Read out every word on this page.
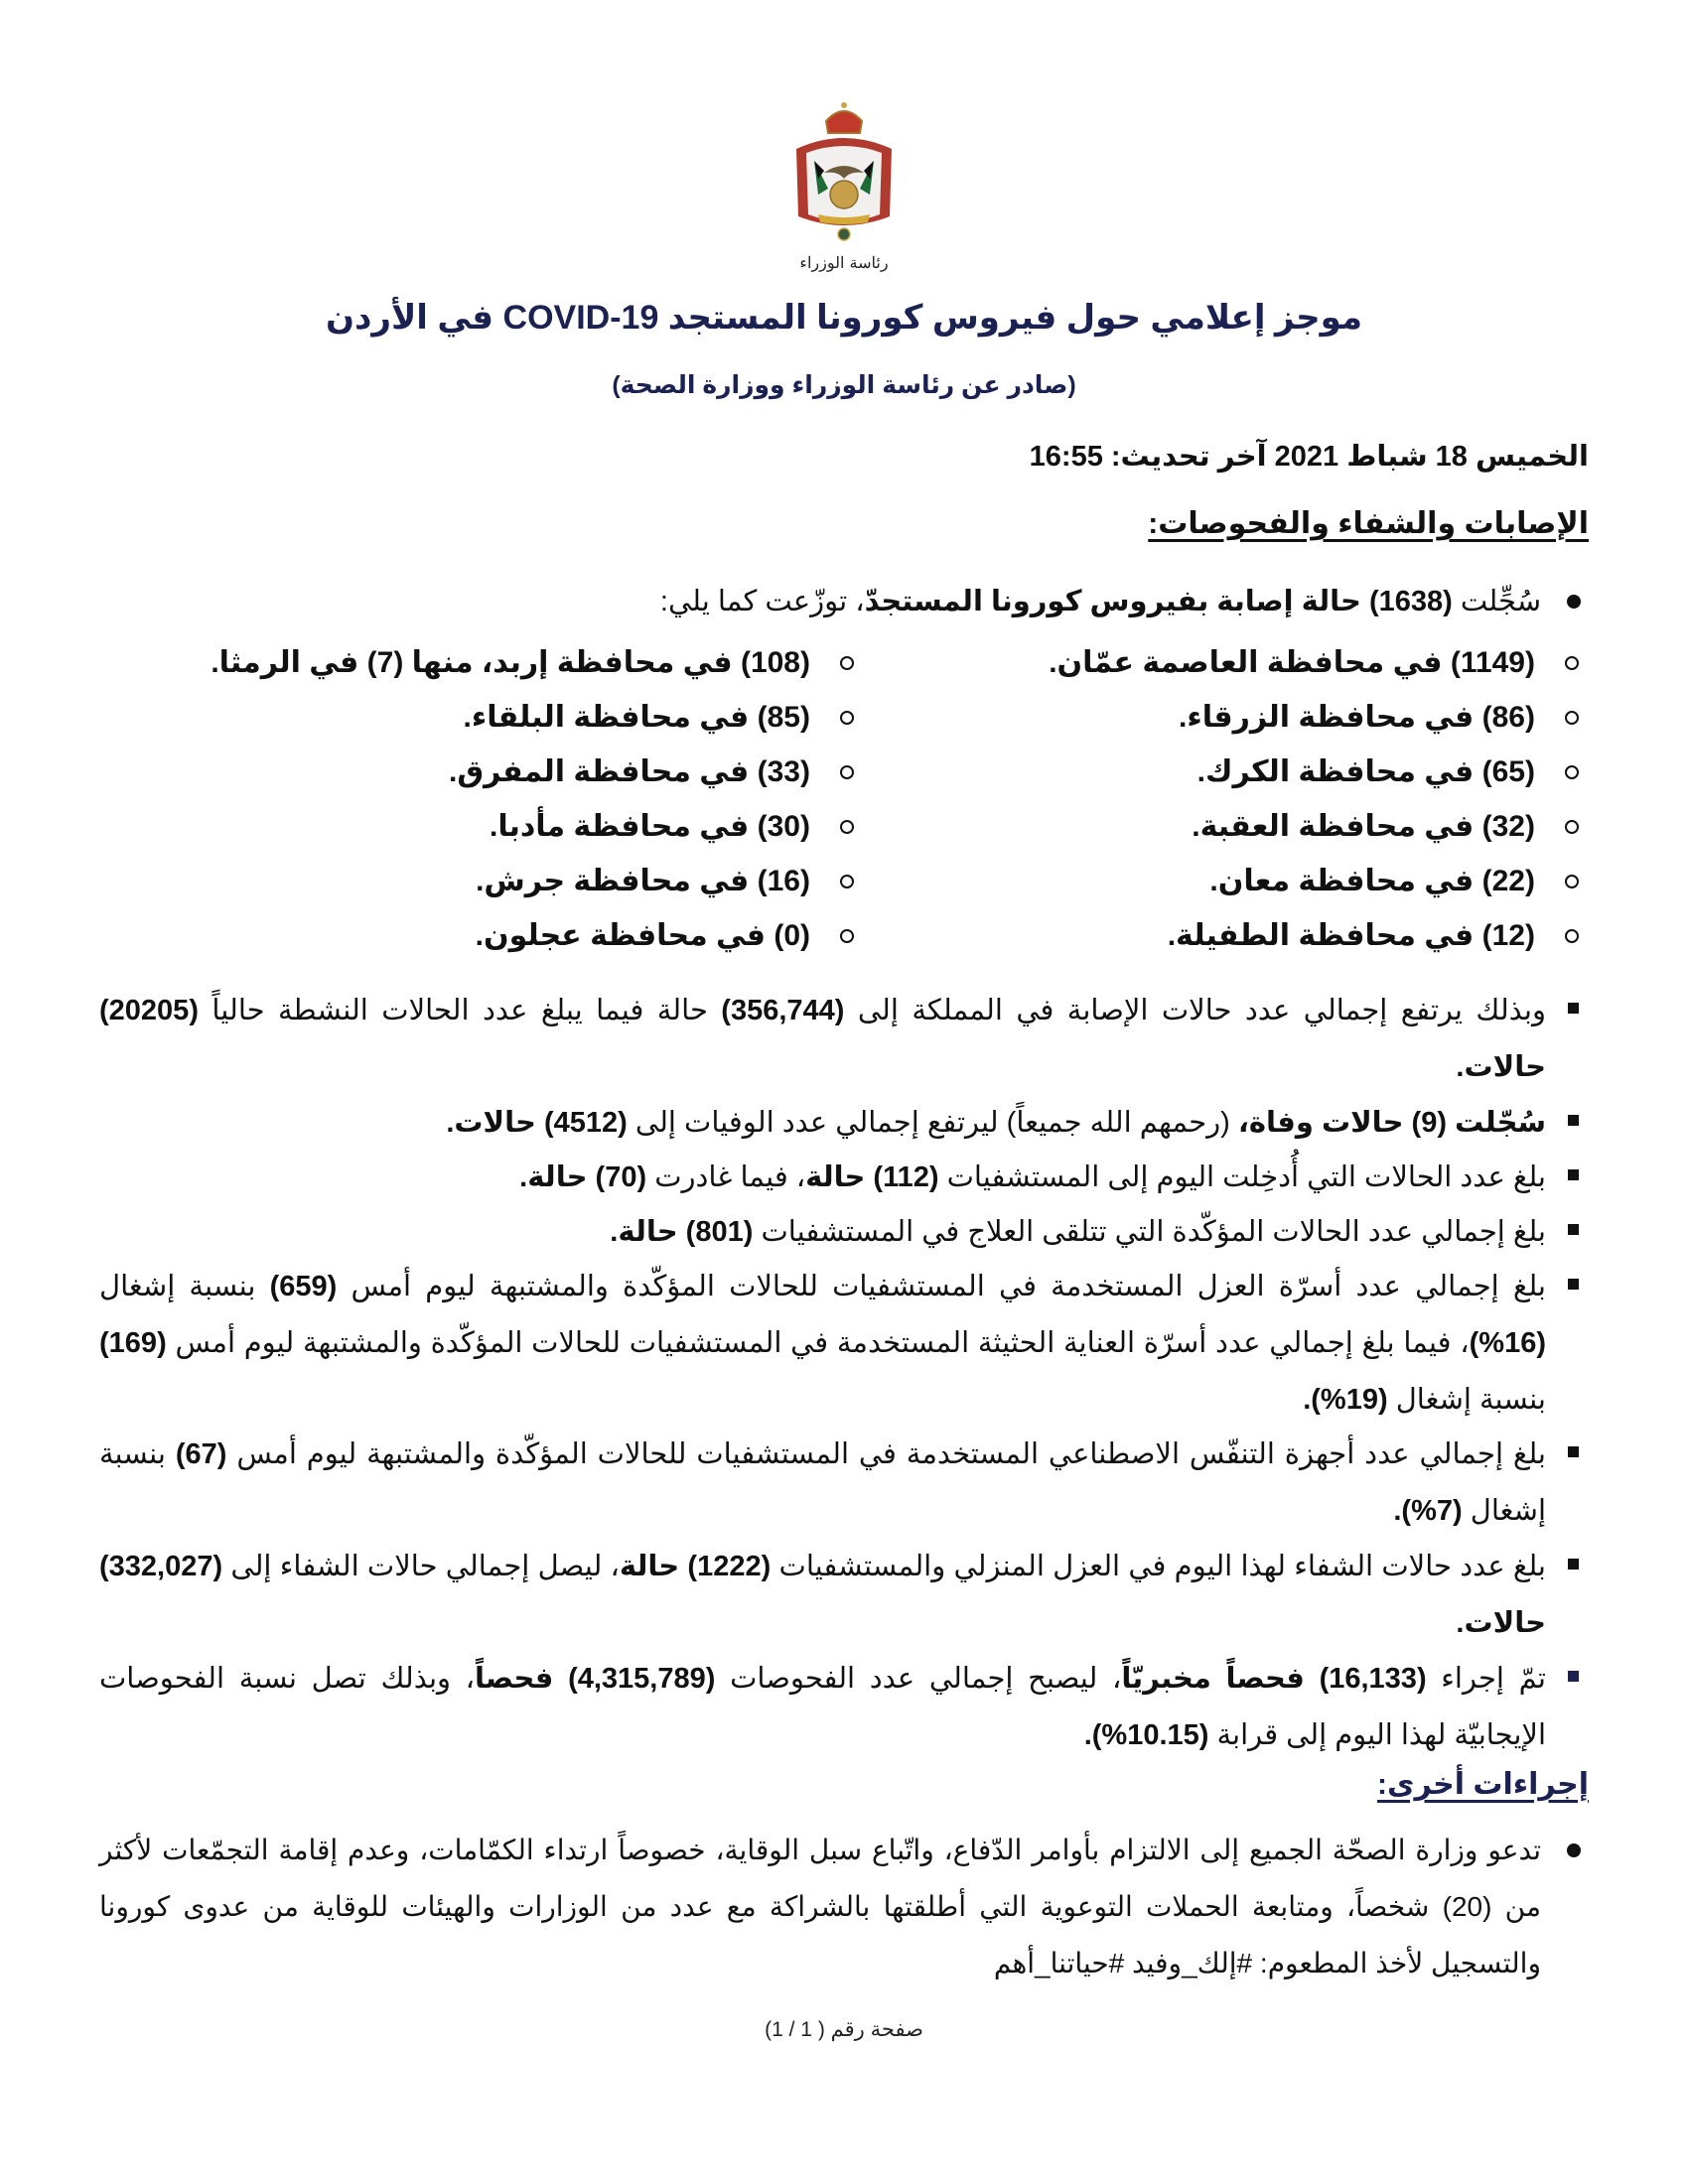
رئاسة الوزراء
موجز إعلامي حول فيروس كورونا المستجد COVID-19 في الأردن
(صادر عن رئاسة الوزراء ووزارة الصحة)
الخميس 18 شباط 2021 آخر تحديث: 16:55
الإصابات والشفاء والفحوصات:
سُجِّلت (1638) حالة إصابة بفيروس كورونا المستجدّ، توزّعت كما يلي:
(1149)

في محافظة العاصمة عمّان.
(86)

في محافظة الزرقاء.
(65)

في محافظة الكرك.
(32)

في محافظة العقبة.
(22)

في محافظة معان.
(12)

في محافظة الطفيلة.
(108)

في محافظة إربد، منها (7) في الرمثا.
(85)

في محافظة البلقاء.
(33)

في محافظة المفرق.
(30)

في محافظة مأدبا.
(16)

في محافظة جرش.
(0)

في محافظة عجلون.
وبذلك يرتفع إجمالي عدد حالات الإصابة في المملكة إلى (356,744) حالة فيما يبلغ عدد الحالات النشطة حالياً (20205) حالات.
سُجّلت (9) حالات وفاة، (رحمهم الله جميعاً) ليرتفع إجمالي عدد الوفيات إلى (4512) حالات.
بلغ عدد الحالات التي أُدخِلت اليوم إلى المستشفيات (112) حالة، فيما غادرت (70) حالة.
بلغ إجمالي عدد الحالات المؤكّدة التي تتلقى العلاج في المستشفيات (801) حالة.
بلغ إجمالي عدد أسرّة العزل المستخدمة في المستشفيات للحالات المؤكّدة والمشتبهة ليوم أمس (659) بنسبة إشغال (16%)، فيما بلغ إجمالي عدد أسرّة العناية الحثيثة المستخدمة في المستشفيات للحالات المؤكّدة والمشتبهة ليوم أمس (169) بنسبة إشغال (19%).
بلغ إجمالي عدد أجهزة التنفّس الاصطناعي المستخدمة في المستشفيات للحالات المؤكّدة والمشتبهة ليوم أمس (67) بنسبة إشغال (7%).
بلغ عدد حالات الشفاء لهذا اليوم في العزل المنزلي والمستشفيات (1222) حالة، ليصل إجمالي حالات الشفاء إلى (332,027) حالات.
تمّ إجراء (16,133) فحصاً مخبريّاً، ليصبح إجمالي عدد الفحوصات (4,315,789) فحصاً، وبذلك تصل نسبة الفحوصات الإيجابيّة لهذا اليوم إلى قرابة (10.15%).
إجراءات أخرى:
تدعو وزارة الصحّة الجميع إلى الالتزام بأوامر الدّفاع، واتّباع سبل الوقاية، خصوصاً ارتداء الكمّامات، وعدم إقامة التجمّعات لأكثر من (20) شخصاً، ومتابعة الحملات التوعوية التي أطلقتها بالشراكة مع عدد من الوزارات والهيئات للوقاية من عدوى كورونا والتسجيل لأخذ المطعوم: #إلك_وفيد #حياتنا_أهم
صفحة رقم ( 1 / 1)
